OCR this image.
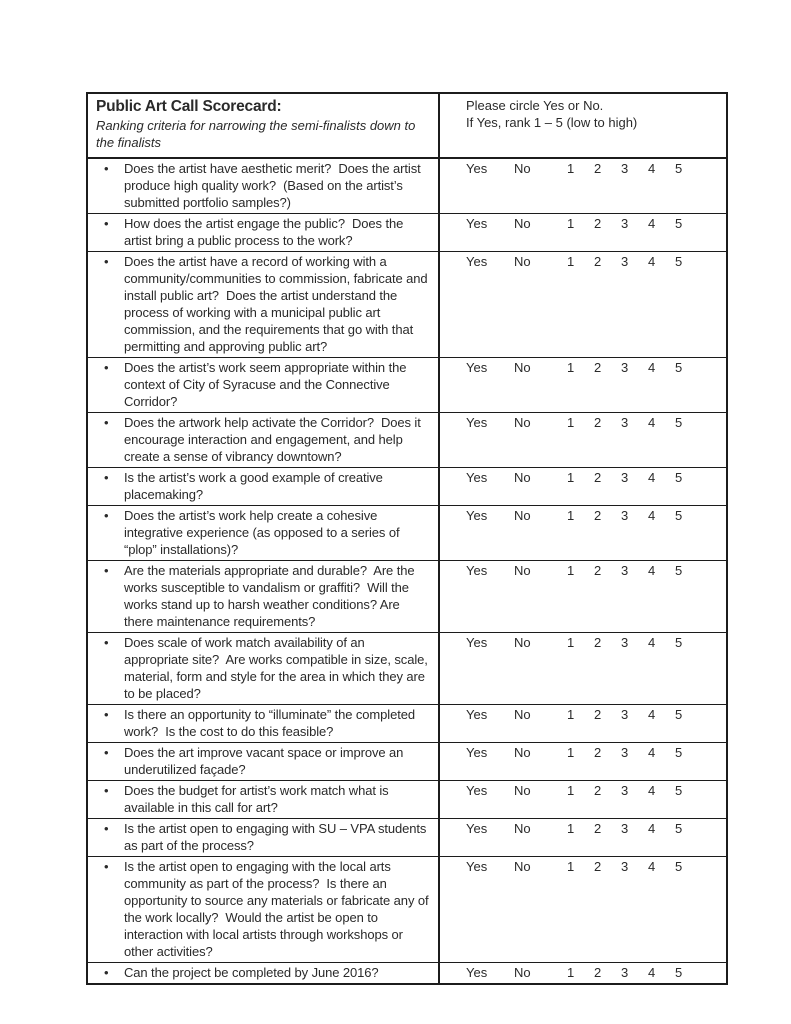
Public Art Call Scorecard:
Ranking criteria for narrowing the semi-finalists down to the finalists
Please circle Yes or No.
If Yes, rank 1 – 5 (low to high)
•	Does the artist have aesthetic merit?  Does the artist produce high quality work?  (Based on the artist’s submitted portfolio samples?)
Yes	No	1	2	3	4	5
•	How does the artist engage the public?  Does the artist bring a public process to the work?
Yes	No	1	2	3	4	5
•	Does the artist have a record of working with a community/communities to commission, fabricate and install public art?  Does the artist understand the process of working with a municipal public art commission, and the requirements that go with that permitting and approving public art?
Yes	No	1	2	3	4	5
•	Does the artist’s work seem appropriate within the context of City of Syracuse and the Connective Corridor?
Yes	No	1	2	3	4	5
•	Does the artwork help activate the Corridor?  Does it encourage interaction and engagement, and help create a sense of vibrancy downtown?
Yes	No	1	2	3	4	5
•	Is the artist’s work a good example of creative placemaking?
Yes	No	1	2	3	4	5
•	Does the artist’s work help create a cohesive integrative experience (as opposed to a series of “plop” installations)?
Yes	No	1	2	3	4	5
•	Are the materials appropriate and durable?  Are the works susceptible to vandalism or graffiti?  Will the works stand up to harsh weather conditions? Are there maintenance requirements?
Yes	No	1	2	3	4	5
•	Does scale of work match availability of an appropriate site?  Are works compatible in size, scale, material, form and style for the area in which they are to be placed?
Yes	No	1	2	3	4	5
•	Is there an opportunity to “illuminate” the completed work?  Is the cost to do this feasible?
Yes	No	1	2	3	4	5
•	Does the art improve vacant space or improve an underutilized façade?
Yes	No	1	2	3	4	5
•	Does the budget for artist’s work match what is available in this call for art?
Yes	No	1	2	3	4	5
•	Is the artist open to engaging with SU – VPA students as part of the process?
Yes	No	1	2	3	4	5
•	Is the artist open to engaging with the local arts community as part of the process?  Is there an opportunity to source any materials or fabricate any of the work locally?  Would the artist be open to interaction with local artists through workshops or other activities?
Yes	No	1	2	3	4	5
•	Can the project be completed by June 2016?	Yes	No	1	2	3	4	5
